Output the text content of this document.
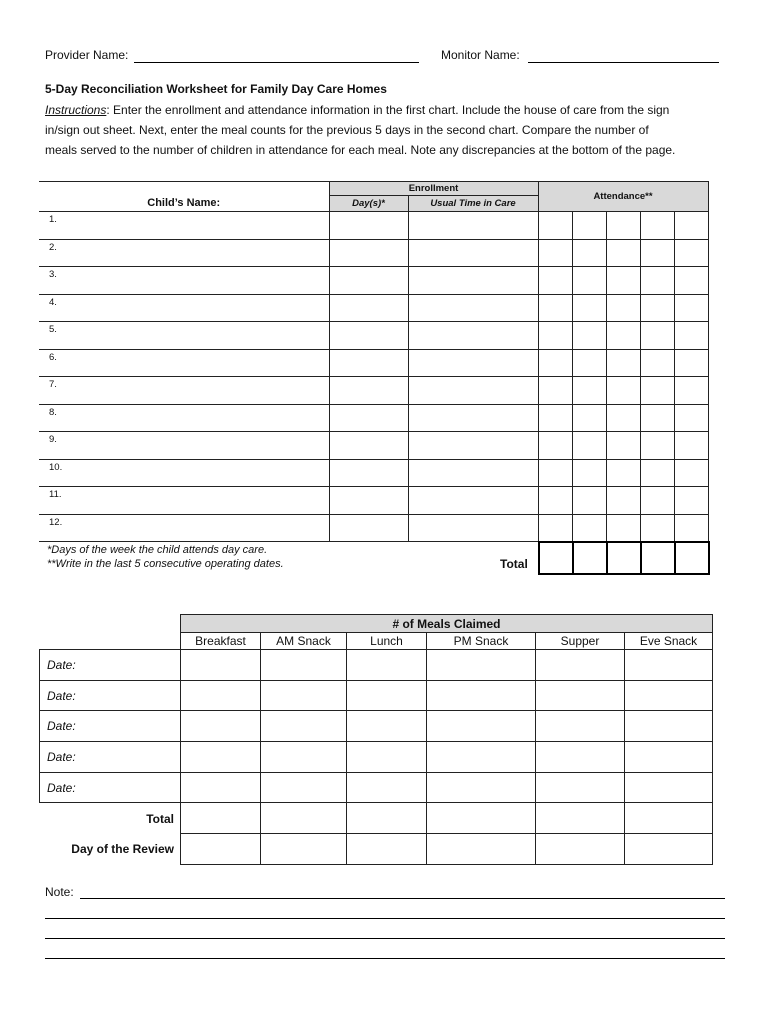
Provider Name:	Monitor Name:
5-Day Reconciliation Worksheet for Family Day Care Homes
Instructions: Enter the enrollment and attendance information in the first chart. Include the house of care from the sign
in/sign out sheet. Next, enter the meal counts for the previous 5 days in the second chart. Compare the number of
meals served to the number of children in attendance for each meal. Note any discrepancies at the bottom of the page.
	Enrollment		Attendance**				
Child’s Name:	Day(s)*	Usual Time in Care					
1.							
2.							
3.							
4.							
5.							
6.							
7.							
8.							
9.							
10.							
11.							
12.							
*Days of the week the child attends day care.
**Write in the last 5 consecutive operating dates.	Total

		# of Meals Claimed					
		Breakfast	AM Snack	Lunch	PM Snack	Supper	Eve Snack
Date:							
Date:							
Date:							
Date:							
Date:							
Total							
Day of the Review							
Note:
